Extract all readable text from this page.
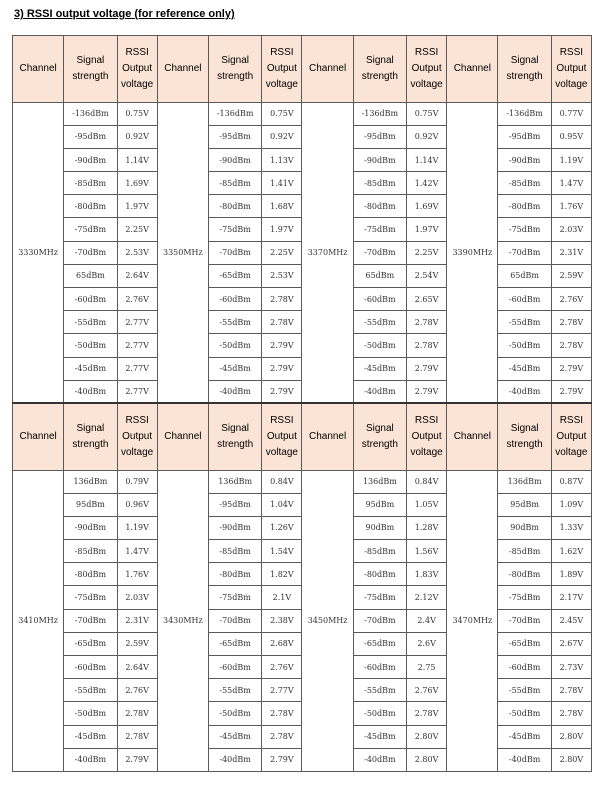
3) RSSI output voltage (for reference only)
Channel	Signal strength	RSSI Output voltage	Channel	Signal strength	RSSI Output voltage	Channel	Signal strength	RSSI Output voltage	Channel	Signal strength	RSSI Output voltage
3330MHz	-136dBm	0.75V	3350MHz	-136dBm	0.75V	3370MHz	-136dBm	0.75V	3390MHz	-136dBm	0.77V
	-95dBm	0.92V		-95dBm	0.92V		-95dBm	0.92V		-95dBm	0.95V
	-90dBm	1.14V		-90dBm	1.13V		-90dBm	1.14V		-90dBm	1.19V
	-85dBm	1.69V		-85dBm	1.41V		-85dBm	1.42V		-85dBm	1.47V
	-80dBm	1.97V		-80dBm	1.68V		-80dBm	1.69V		-80dBm	1.76V
	-75dBm	2.25V		-75dBm	1.97V		-75dBm	1.97V		-75dBm	2.03V
	-70dBm	2.53V		-70dBm	2.25V		-70dBm	2.25V		-70dBm	2.31V
	65dBm	2.64V		-65dBm	2.53V		65dBm	2.54V		65dBm	2.59V
	-60dBm	2.76V		-60dBm	2.78V		-60dBm	2.65V		-60dBm	2.76V
	-55dBm	2.77V		-55dBm	2.78V		-55dBm	2.78V		-55dBm	2.78V
	-50dBm	2.77V		-50dBm	2.79V		-50dBm	2.78V		-50dBm	2.78V
	-45dBm	2.77V		-45dBm	2.79V		-45dBm	2.79V		-45dBm	2.79V
	-40dBm	2.77V		-40dBm	2.79V		-40dBm	2.79V		-40dBm	2.79V
Channel	Signal strength	RSSI Output voltage	Channel	Signal strength	RSSI Output voltage	Channel	Signal strength	RSSI Output voltage	Channel	Signal strength	RSSI Output voltage
3410MHz	136dBm	0.79V	3430MHz	136dBm	0.84V	3450MHz	136dBm	0.84V	3470MHz	136dBm	0.87V
	95dBm	0.96V		-95dBm	1.04V		95dBm	1.05V		95dBm	1.09V
	-90dBm	1.19V		-90dBm	1.26V		90dBm	1.28V		90dBm	1.33V
	-85dBm	1.47V		-85dBm	1.54V		-85dBm	1.56V		-85dBm	1.62V
	-80dBm	1.76V		-80dBm	1.82V		-80dBm	1.83V		-80dBm	1.89V
	-75dBm	2.03V		-75dBm	2.1V		-75dBm	2.12V		-75dBm	2.17V
	-70dBm	2.31V		-70dBm	2.38V		-70dBm	2.4V		-70dBm	2.45V
	-65dBm	2.59V		-65dBm	2.68V		-65dBm	2.6V		-65dBm	2.67V
	-60dBm	2.64V		-60dBm	2.76V		-60dBm	2.75		-60dBm	2.73V
	-55dBm	2.76V		-55dBm	2.77V		-55dBm	2.76V		-55dBm	2.78V
	-50dBm	2.78V		-50dBm	2.78V		-50dBm	2.78V		-50dBm	2.78V
	-45dBm	2.78V		-45dBm	2.78V		-45dBm	2.80V		-45dBm	2.80V
	-40dBm	2.79V		-40dBm	2.79V		-40dBm	2.80V		-40dBm	2.80V
